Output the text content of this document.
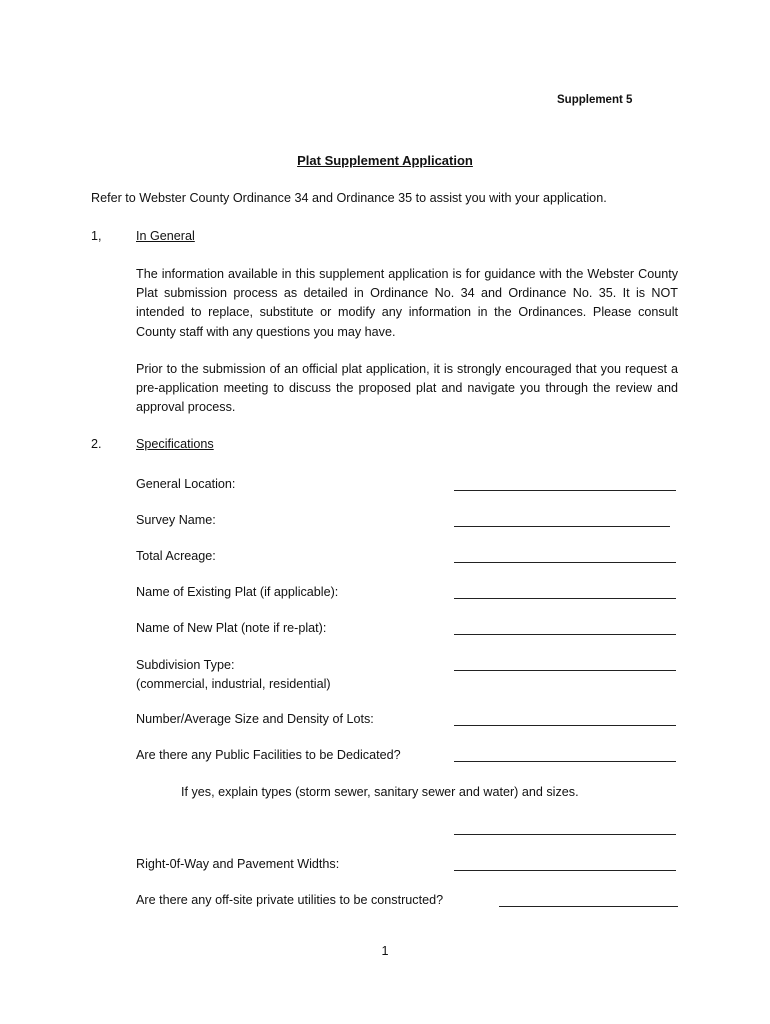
Supplement 5
Plat Supplement Application
Refer to Webster County Ordinance 34 and Ordinance 35 to assist you with your application.
1,	In General
The information available in this supplement application is for guidance with the Webster County Plat submission process as detailed in Ordinance No. 34 and Ordinance No. 35. It is NOT intended to replace, substitute or modify any information in the Ordinances. Please consult County staff with any questions you may have.
Prior to the submission of an official plat application, it is strongly encouraged that you request a pre-application meeting to discuss the proposed plat and navigate you through the review and approval process.
2.	Specifications
General Location:
Survey Name:
Total Acreage:
Name of Existing Plat (if applicable):
Name of New Plat (note if re-plat):
Subdivision Type:
(commercial, industrial, residential)
Number/Average Size and Density of Lots:
Are there any Public Facilities to be Dedicated?
If yes, explain types (storm sewer, sanitary sewer and water) and sizes.
Right-0f-Way and Pavement Widths:
Are there any off-site private utilities to be constructed?
1
